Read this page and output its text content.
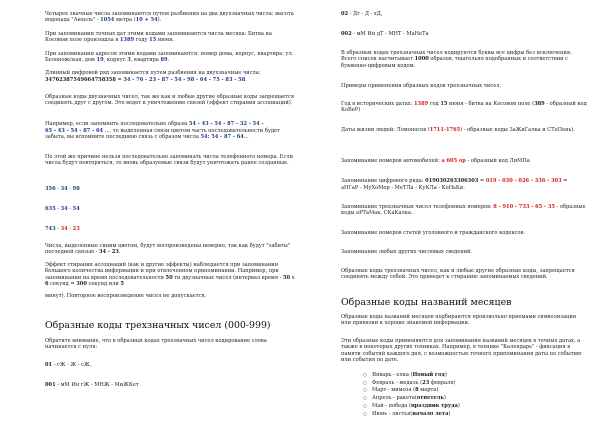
Четырех значные числа запоминаются путем разбиения на два двухзначных числа: высота водопада "Анхель" - 1054 метра (10 + 54).

При запоминании точных дат этими кодами запоминаются числа месяца: Битва на Косовом поле произошла в 1389 году 15 июня.

При запоминании адресов этими кодами запоминаются: номер дома, корпус, квартира: ул. Белоножская, дом 19, корпус 3, квартира 89.

Длинный цифровой ряд запоминается путем разбиения на двухзначные числа:

34762387549664758358 = 34 - 76 - 23 - 87 - 54 - 98 - 64 - 75 - 83 - 58.

Образные коды двузначных чисел, так же как и любые другие образные коды запрещается соединять друг с другом. Это ведет к уничтожению связей (эффект стирания ассоциаций).

Например, если запомнить последовательно образы 54 - 43 - 54 - 87 - 32 - 54 -

65 - 43 - 54 - 87 - 64 ..., то выделенная связи цветом часть последовательности будет забыта, вы вспомните последнюю связь с образом числа 54: 54 - 87 - 64...

По этой же причине нельзя последовательно запоминать числа телефонного номера. Если числа будут повторяться, то вновь образуемые связи будут уничтожать ранее созданные.

356 - 34 - 98

635 - 34 - 54

743 - 34 - 23

Числа, выделенные синим цветом, будут воспроизведены неверно, так как будут "забиты" последней связью - 34 - 23.

Эффект стирания ассоциаций (как и другие эффекты) наблюдается при запоминании большого количества информации и при отвлеченном припоминании. Например, при запоминании на время последовательности 50 ти двузначных чисел (интервал время - 50 х 6 секунд = 300 секунд или 5

минут). Повторное воспроизведение чисел не допускается.

Образные коды трехзначных чисел (000-999)

Обратите внимание, что в образных кодах трехзначных чисел кодирование слова начинается с нуля:

01 - гЖ - Ж - сЖ,

001 - мМ Ин гЖ - МНЖ - МиЖКет

02 - Дг - Д - хД,

002 - мМ Ин дТ - МНТ - МаНеТа

В образных кодах трехзначных чисел кодируются буквы все цифры без исключения. Всего список насчитывает 1000 образов, тщательно подобранных и соответствии с буквенно-цифровым кодом.

Примеры применения образных кодов трехзначных чисел.

Год в исторических датах: 1389 год 15 июня - битва на Косовом поле (389 - образный код КоВеР)

Даты жизни людей: Ломоносов (1711-1765) - образные коды ЗаЖиГалка и СТеПень).

Запоминание номеров автомобилей: а 605 ор - образный код ЛиМПа

Запоминание цифрового ряда: 019030263306303 = 019 - 030 - 026 - 336 - 303 =

аНГаР - МуХоМор - МеТЛа - КуКЛа - КоНьКи.

Запоминание трехзначных чисел телефонных номеров: 8 - 910 - 733 - 65 - 35 - образные коды аРТаМак, СКаКалка.

Запоминание номеров статей уголовного и гражданского кодексов.

Запоминание любых других числовых сведений.

Образные коды трехзначных чисел, как и любые другие образные коды, запрещается соединять между собой. Это приведет к стиранию запоминаемых сведений.

Образные коды названий месяцев

Образные коды названий месяцев подбираются произвольно приемами символизации или привязки к хорошо знакомой информации.

Эти образные коды применяются для запоминания названий месяцев в точных датах, а также в некоторых других техниках. Например, в технике "Календарь" - фиксация в памяти событий каждого дня, с возможностью точного припоминания даты по событию или события по дате.

○ Январь - елка (Новый год)
○ Февраль - медаль (23 февраля)
○ Март - мимоза (8 марта)
○ Апрель - ракета(отпетель)
○ Май - победа (праздник труда)
○ Июнь - листья(начало лета)
